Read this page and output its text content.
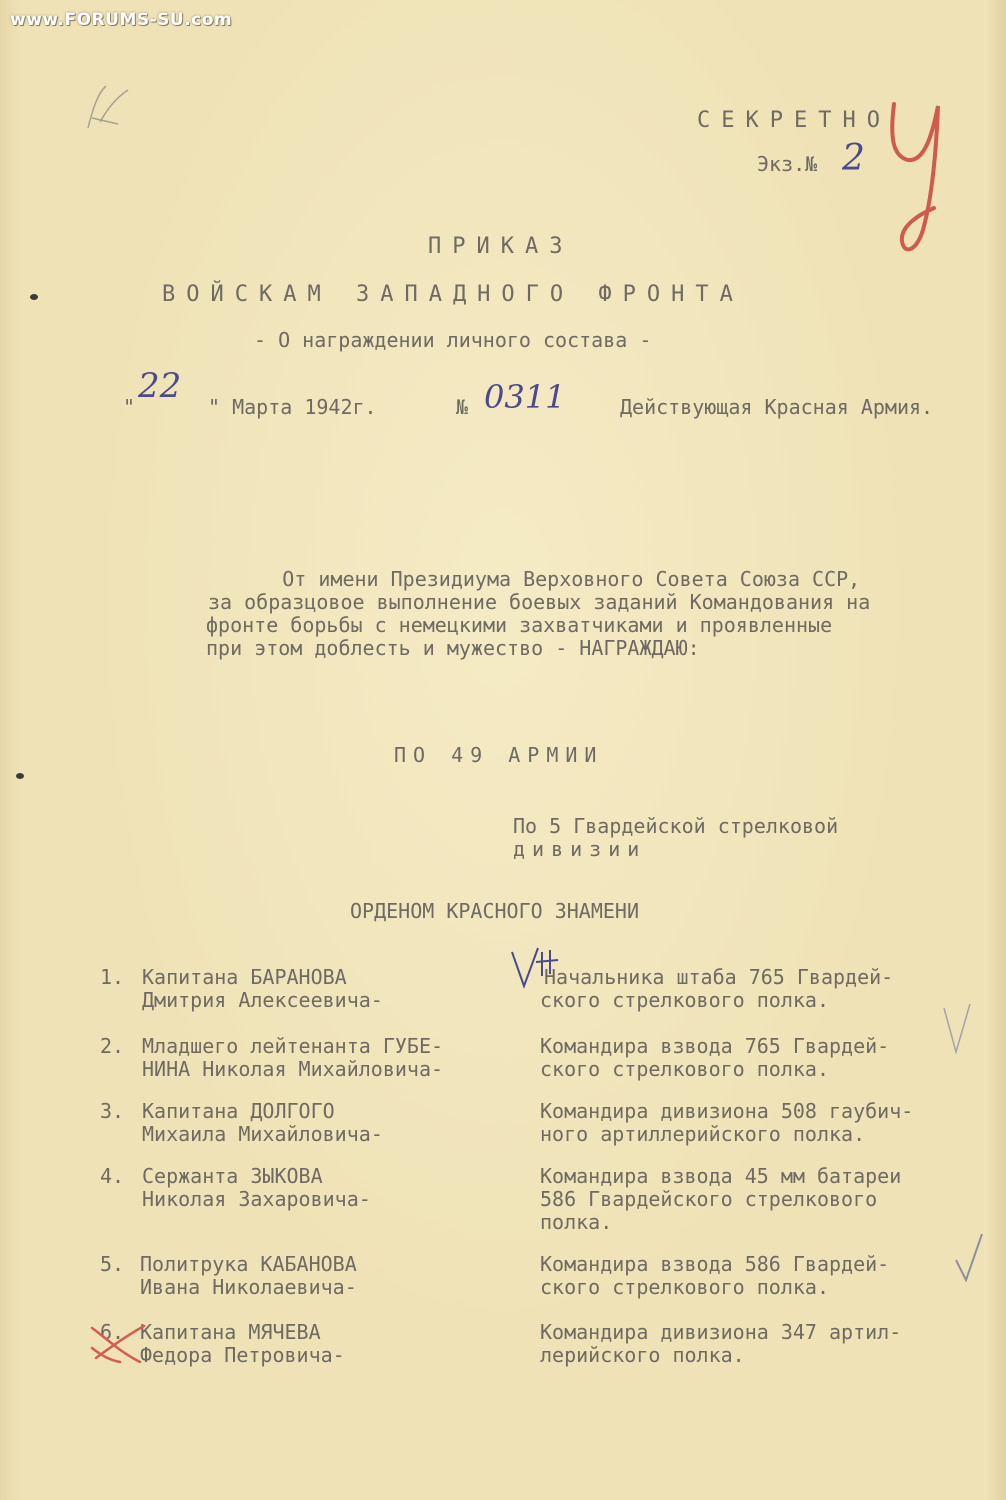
www.FORUMS-SU.com
СЕКРЕТНО
Экз.№ 2
ПРИКАЗ
ВОЙСКАМ ЗАПАДНОГО ФРОНТА
- О награждении личного состава -
"
22
" Марта 1942г.	№ 0311	Действующая Красная Армия.
От имени Президиума Верховного Совета Союза ССР,
за образцовое выполнение боевых заданий Командования на
фронте борьбы с немецкими захватчиками и проявленные
при этом доблесть и мужество - НАГРАЖДАЮ:
ПО 49 АРМИИ
По 5 Гвардейской стрелковой
дивизии
ОРДЕНОМ КРАСНОГО ЗНАМЕНИ
1. Капитана БАРАНОВА
Дмитрия Алексеевича-
Начальника штаба 765 Гвардей-
ского стрелкового полка.
2. Младшего лейтенанта ГУБЕ-
НИНА Николая Михайловича-
Командира взвода 765 Гвардей-
ского стрелкового полка.
3. Капитана ДОЛГОГО
Михаила Михайловича-
Командира дивизиона 508 гаубич-
ного артиллерийского полка.
4. Сержанта ЗЫКОВА
Николая Захаровича-
Командира взвода 45 мм батареи
586 Гвардейского стрелкового
полка.
5. Политрука КАБАНОВА
Ивана Николаевича-
Командира взвода 586 Гвардей-
ского стрелкового полка.
6. Капитана МЯЧЕВА
Федора Петровича-
Командира дивизиона 347 артил-
лерийского полка.
